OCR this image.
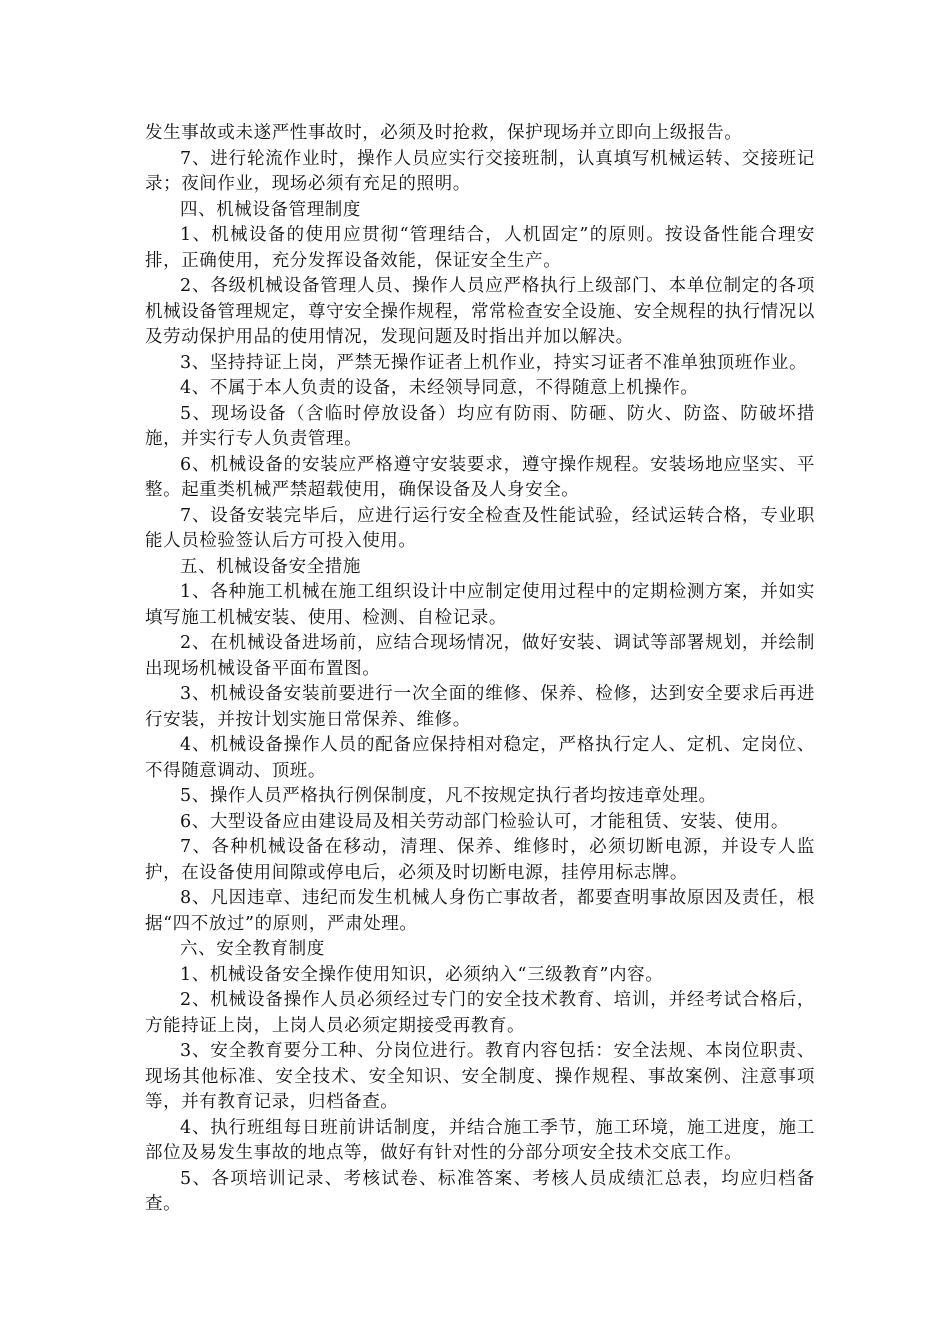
发生事故或未遂严性事故时，必须及时抢救，保护现场并立即向上级报告。

7、进行轮流作业时，操作人员应实行交接班制，认真填写机械运转、交接班记录；夜间作业，现场必须有充足的照明。

四、机械设备管理制度

1、机械设备的使用应贯彻“管理结合，人机固定”的原则。按设备性能合理安排，正确使用，充分发挥设备效能，保证安全生产。

2、各级机械设备管理人员、操作人员应严格执行上级部门、本单位制定的各项机械设备管理规定，尊守安全操作规程，常常检查安全设施、安全规程的执行情况以及劳动保护用品的使用情况，发现问题及时指出并加以解决。

3、坚持持证上岗，严禁无操作证者上机作业，持实习证者不准单独顶班作业。

4、不属于本人负责的设备，未经领导同意，不得随意上机操作。

5、现场设备（含临时停放设备）均应有防雨、防砸、防火、防盗、防破坏措施，并实行专人负责管理。

6、机械设备的安装应严格遵守安装要求，遵守操作规程。安装场地应坚实、平整。起重类机械严禁超载使用，确保设备及人身安全。

7、设备安装完毕后，应进行运行安全检查及性能试验，经试运转合格，专业职能人员检验签认后方可投入使用。

五、机械设备安全措施

1、各种施工机械在施工组织设计中应制定使用过程中的定期检测方案，并如实填写施工机械安装、使用、检测、自检记录。

2、在机械设备进场前，应结合现场情况，做好安装、调试等部署规划，并绘制出现场机械设备平面布置图。

3、机械设备安装前要进行一次全面的维修、保养、检修，达到安全要求后再进行安装，并按计划实施日常保养、维修。

4、机械设备操作人员的配备应保持相对稳定，严格执行定人、定机、定岗位、不得随意调动、顶班。

5、操作人员严格执行例保制度，凡不按规定执行者均按违章处理。

6、大型设备应由建设局及相关劳动部门检验认可，才能租赁、安装、使用。

7、各种机械设备在移动，清理、保养、维修时，必须切断电源，并设专人监护，在设备使用间隙或停电后，必须及时切断电源，挂停用标志牌。

8、凡因违章、违纪而发生机械人身伤亡事故者，都要查明事故原因及责任，根据“四不放过”的原则，严肃处理。

六、安全教育制度

1、机械设备安全操作使用知识，必须纳入“三级教育”内容。

2、机械设备操作人员必须经过专门的安全技术教育、培训，并经考试合格后，方能持证上岗，上岗人员必须定期接受再教育。

3、安全教育要分工种、分岗位进行。教育内容包括：安全法规、本岗位职责、现场其他标准、安全技术、安全知识、安全制度、操作规程、事故案例、注意事项等，并有教育记录，归档备查。

4、执行班组每日班前讲话制度，并结合施工季节，施工环境，施工进度，施工部位及易发生事故的地点等，做好有针对性的分部分项安全技术交底工作。

5、各项培训记录、考核试卷、标准答案、考核人员成绩汇总表，均应归档备查。
